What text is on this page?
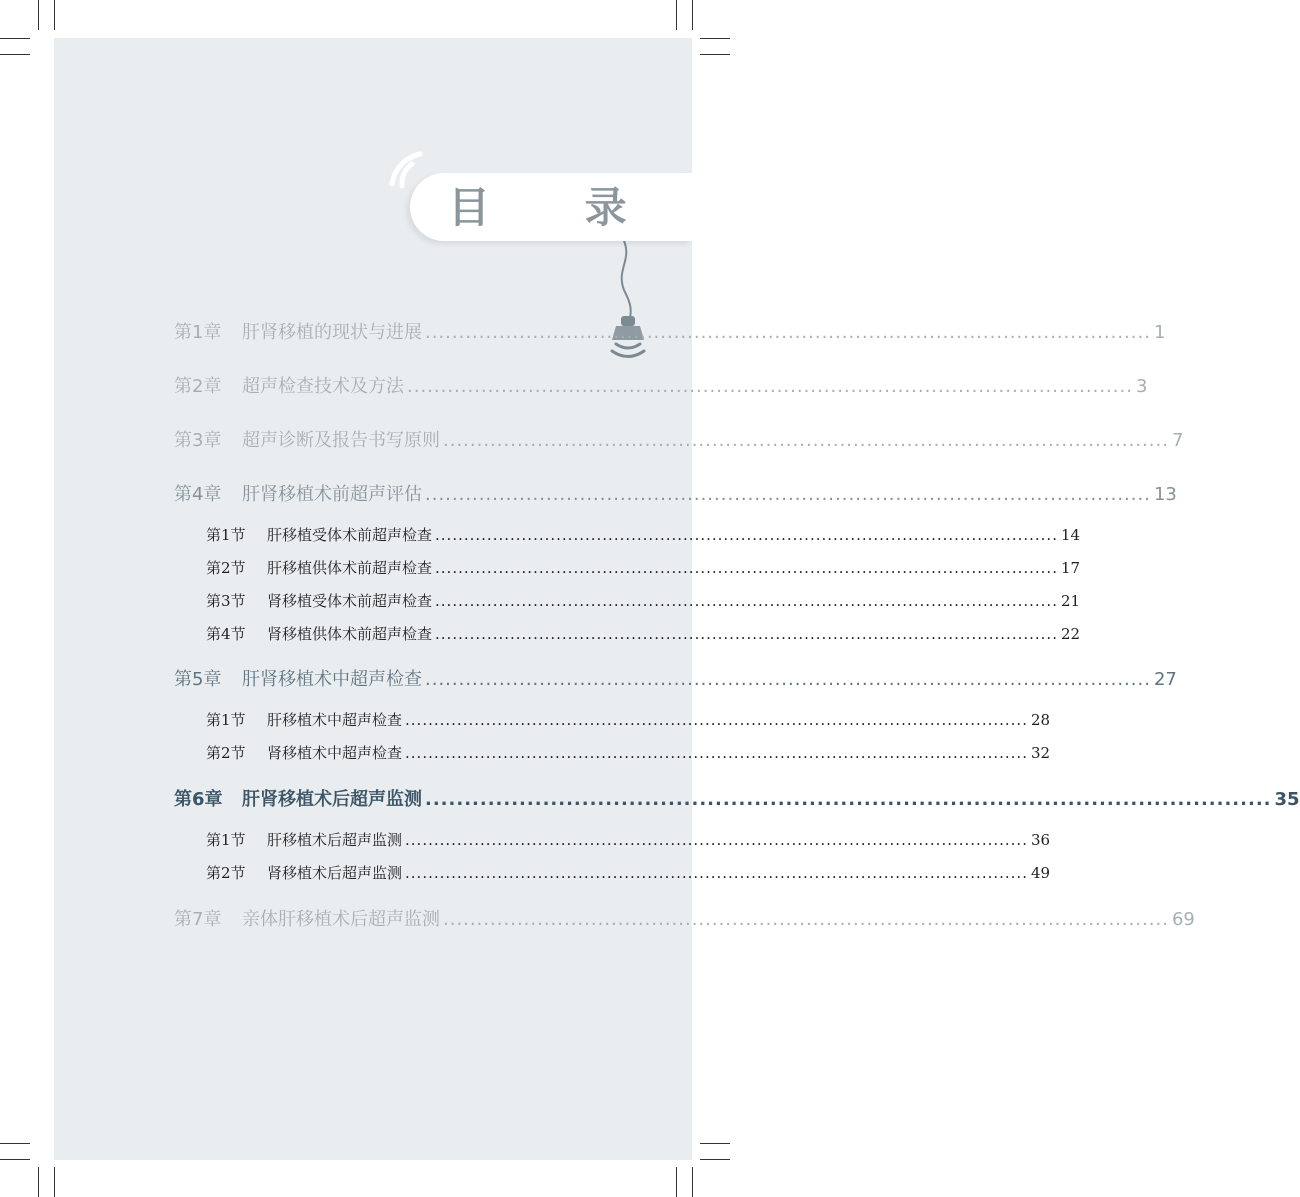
目 录
第1章	肝肾移植的现状与进展 ............................................................................................................ 1
第2章	超声检查技术及方法 ............................................................................................................ 3
第3章	超声诊断及报告书写原则 ............................................................................................................ 7
第4章	肝肾移植术前超声评估 ............................................................................................................ 13
第1节	肝移植受体术前超声检查 ............................................................................................................ 14
第2节	肝移植供体术前超声检查 ............................................................................................................ 17
第3节	肾移植受体术前超声检查 ............................................................................................................ 21
第4节	肾移植供体术前超声检查 ............................................................................................................ 22
第5章	肝肾移植术中超声检查 ............................................................................................................ 27
第1节	肝移植术中超声检查 ............................................................................................................ 28
第2节	肾移植术中超声检查 ............................................................................................................ 32
第6章	肝肾移植术后超声监测 ............................................................................................................ 35
第1节	肝移植术后超声监测 ............................................................................................................ 36
第2节	肾移植术后超声监测 ............................................................................................................ 49
第7章	亲体肝移植术后超声监测 ............................................................................................................ 69
